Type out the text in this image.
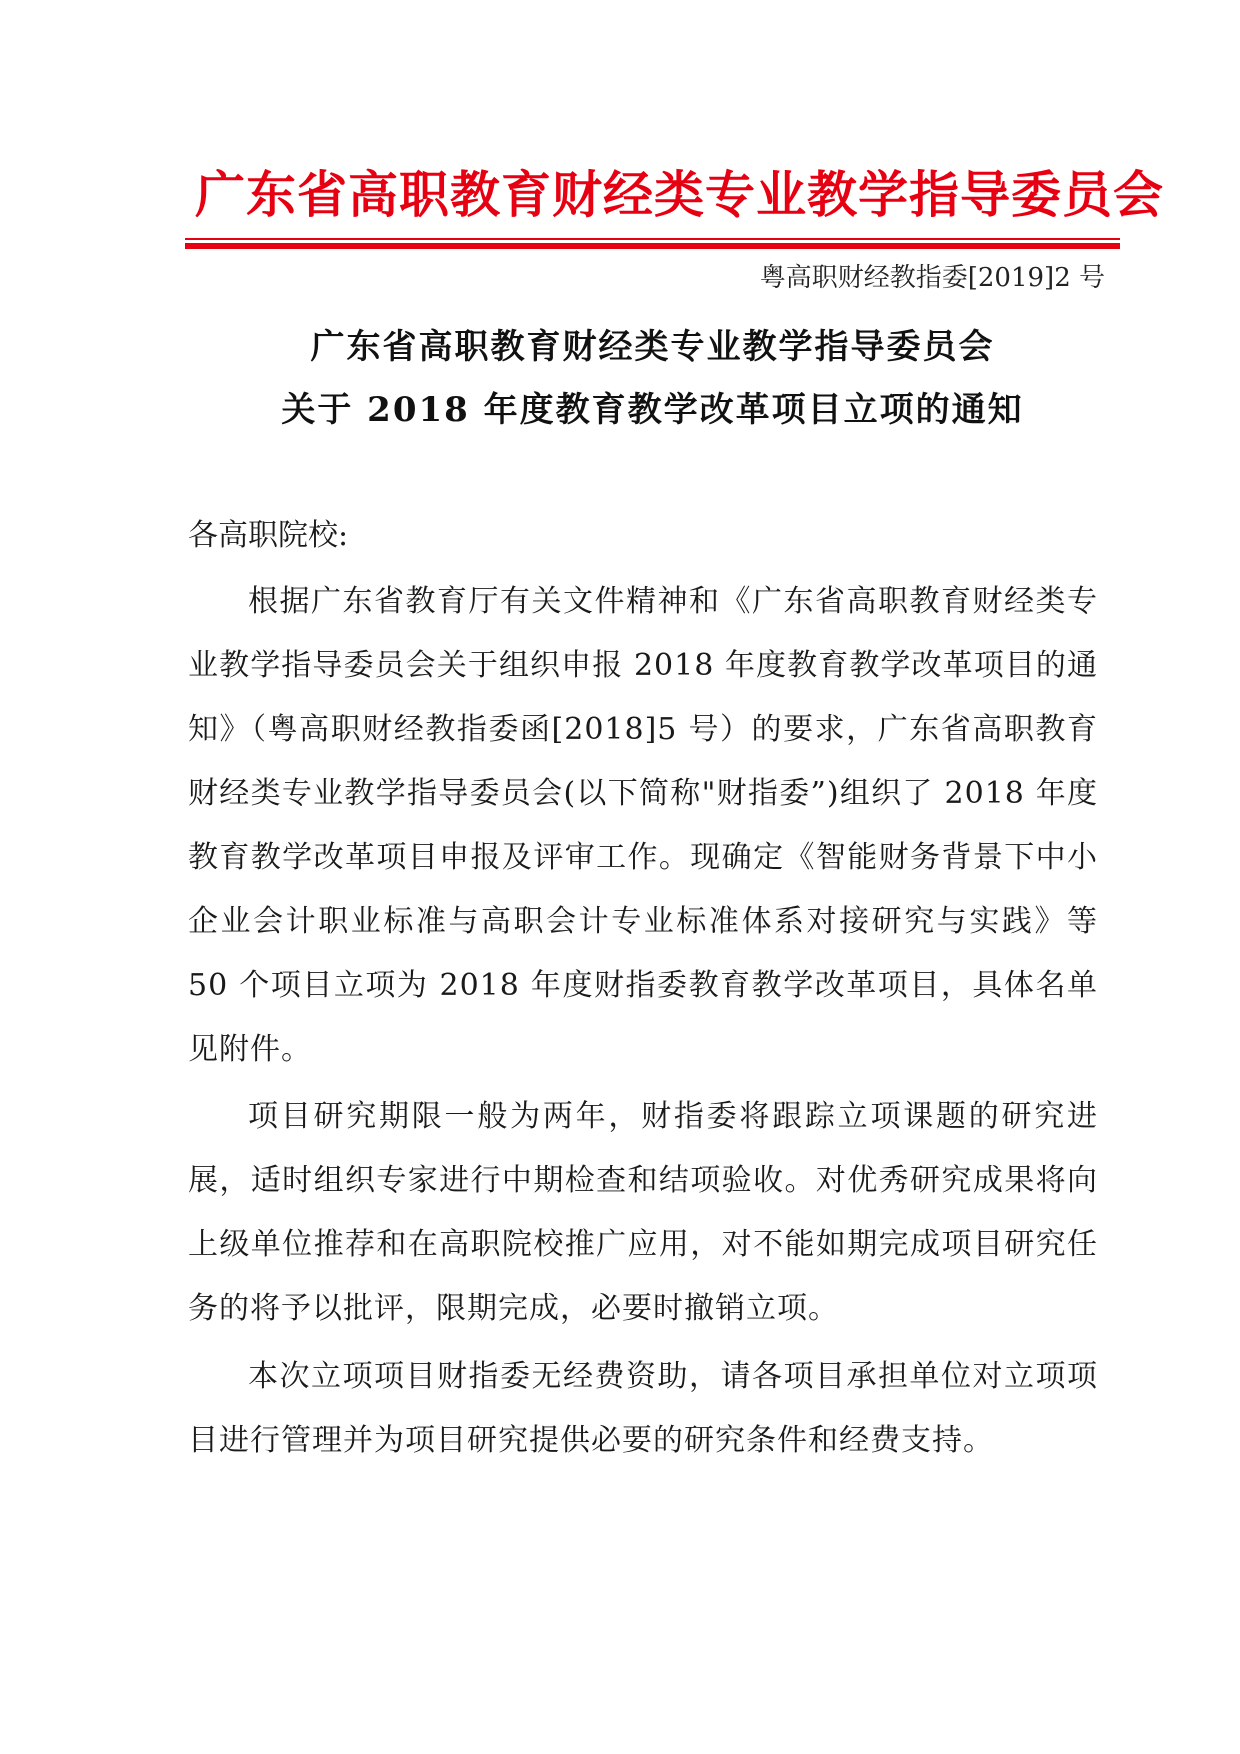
广东省高职教育财经类专业教学指导委员会
粤高职财经教指委[2019]2 号
广东省高职教育财经类专业教学指导委员会
关于 2018 年度教育教学改革项目立项的通知
各高职院校:
根据广东省教育厅有关文件精神和《广东省高职教育财经类专业教学指导委员会关于组织申报 2018 年度教育教学改革项目的通知》（粤高职财经教指委函[2018]5 号）的要求，广东省高职教育财经类专业教学指导委员会(以下简称"财指委”)组织了 2018 年度教育教学改革项目申报及评审工作。现确定《智能财务背景下中小企业会计职业标准与高职会计专业标准体系对接研究与实践》等 50 个项目立项为 2018 年度财指委教育教学改革项目，具体名单见附件。
项目研究期限一般为两年，财指委将跟踪立项课题的研究进展，适时组织专家进行中期检查和结项验收。对优秀研究成果将向上级单位推荐和在高职院校推广应用，对不能如期完成项目研究任务的将予以批评，限期完成，必要时撤销立项。
本次立项项目财指委无经费资助，请各项目承担单位对立项项目进行管理并为项目研究提供必要的研究条件和经费支持。
